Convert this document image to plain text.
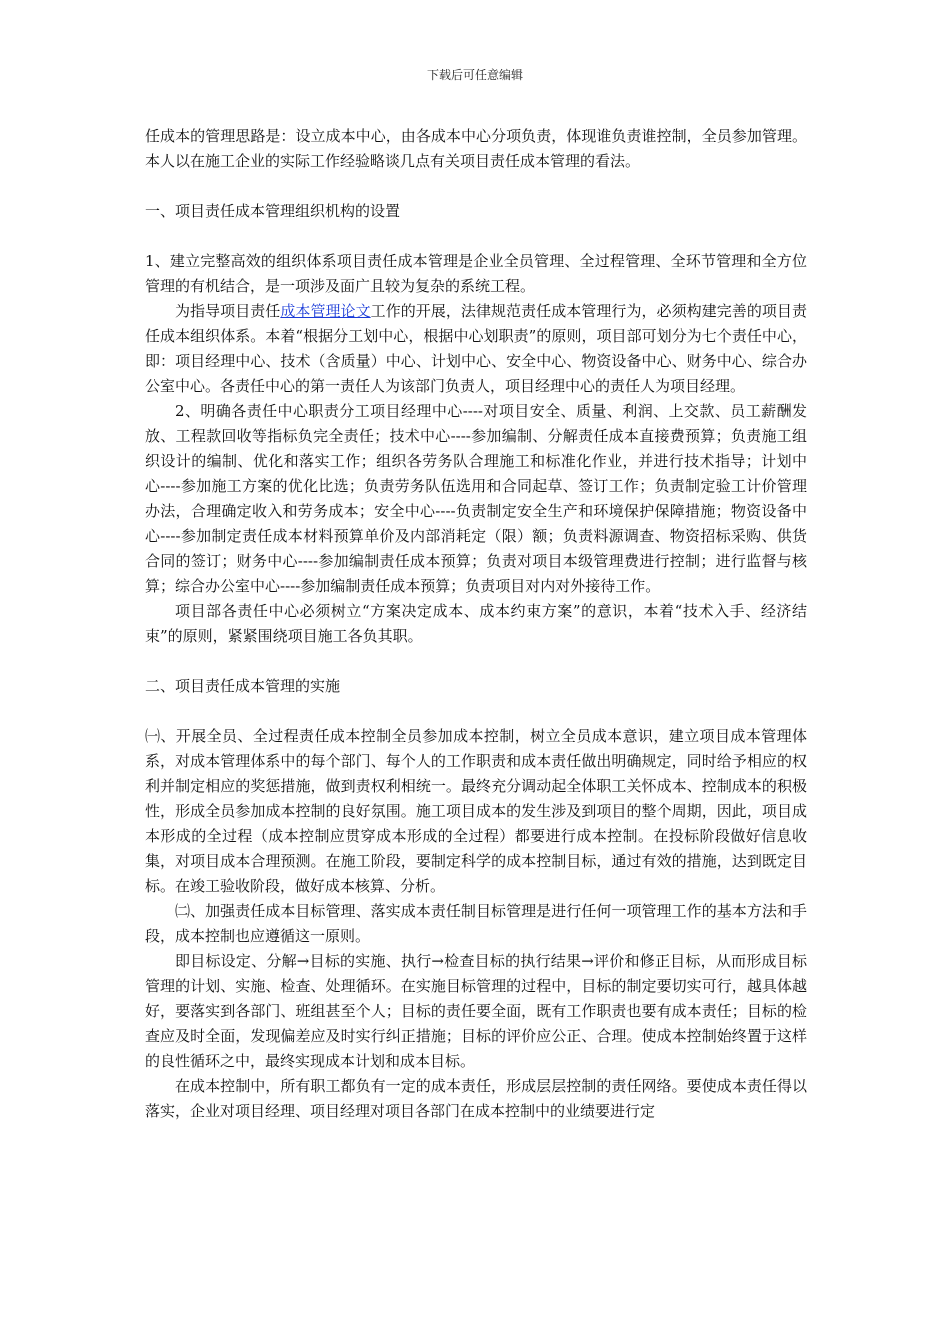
下载后可任意编辑

任成本的管理思路是：设立成本中心，由各成本中心分项负责，体现谁负责谁控制，全员参加管理。本人以在施工企业的实际工作经验略谈几点有关项目责任成本管理的看法。

一、项目责任成本管理组织机构的设置

1、建立完整高效的组织体系项目责任成本管理是企业全员管理、全过程管理、全环节管理和全方位管理的有机结合，是一项涉及面广且较为复杂的系统工程。

为指导项目责任成本管理论文工作的开展，法律规范责任成本管理行为，必须构建完善的项目责任成本组织体系。本着“根据分工划中心，根据中心划职责”的原则，项目部可划分为七个责任中心，即：项目经理中心、技术（含质量）中心、计划中心、安全中心、物资设备中心、财务中心、综合办公室中心。各责任中心的第一责任人为该部门负责人，项目经理中心的责任人为项目经理。

2、明确各责任中心职责分工项目经理中心----对项目安全、质量、利润、上交款、员工薪酬发放、工程款回收等指标负完全责任；技术中心----参加编制、分解责任成本直接费预算；负责施工组织设计的编制、优化和落实工作；组织各劳务队合理施工和标准化作业，并进行技术指导；计划中心----参加施工方案的优化比选；负责劳务队伍选用和合同起草、签订工作；负责制定验工计价管理办法，合理确定收入和劳务成本；安全中心----负责制定安全生产和环境保护保障措施；物资设备中心----参加制定责任成本材料预算单价及内部消耗定（限）额；负责料源调查、物资招标采购、供货合同的签订；财务中心----参加编制责任成本预算；负责对项目本级管理费进行控制；进行监督与核算；综合办公室中心----参加编制责任成本预算；负责项目对内对外接待工作。

项目部各责任中心必须树立“方案决定成本、成本约束方案”的意识，本着“技术入手、经济结束”的原则，紧紧围绕项目施工各负其职。

二、项目责任成本管理的实施

㈠、开展全员、全过程责任成本控制全员参加成本控制，树立全员成本意识，建立项目成本管理体系，对成本管理体系中的每个部门、每个人的工作职责和成本责任做出明确规定，同时给予相应的权利并制定相应的奖惩措施，做到责权利相统一。最终充分调动起全体职工关怀成本、控制成本的积极性，形成全员参加成本控制的良好氛围。施工项目成本的发生涉及到项目的整个周期，因此，项目成本形成的全过程（成本控制应贯穿成本形成的全过程）都要进行成本控制。在投标阶段做好信息收集，对项目成本合理预测。在施工阶段，要制定科学的成本控制目标，通过有效的措施，达到既定目标。在竣工验收阶段，做好成本核算、分析。

㈡、加强责任成本目标管理、落实成本责任制目标管理是进行任何一项管理工作的基本方法和手段，成本控制也应遵循这一原则。

即目标设定、分解→目标的实施、执行→检查目标的执行结果→评价和修正目标，从而形成目标管理的计划、实施、检查、处理循环。在实施目标管理的过程中，目标的制定要切实可行，越具体越好，要落实到各部门、班组甚至个人；目标的责任要全面，既有工作职责也要有成本责任；目标的检查应及时全面，发现偏差应及时实行纠正措施；目标的评价应公正、合理。使成本控制始终置于这样的良性循环之中，最终实现成本计划和成本目标。

在成本控制中，所有职工都负有一定的成本责任，形成层层控制的责任网络。要使成本责任得以落实，企业对项目经理、项目经理对项目各部门在成本控制中的业绩要进行定
